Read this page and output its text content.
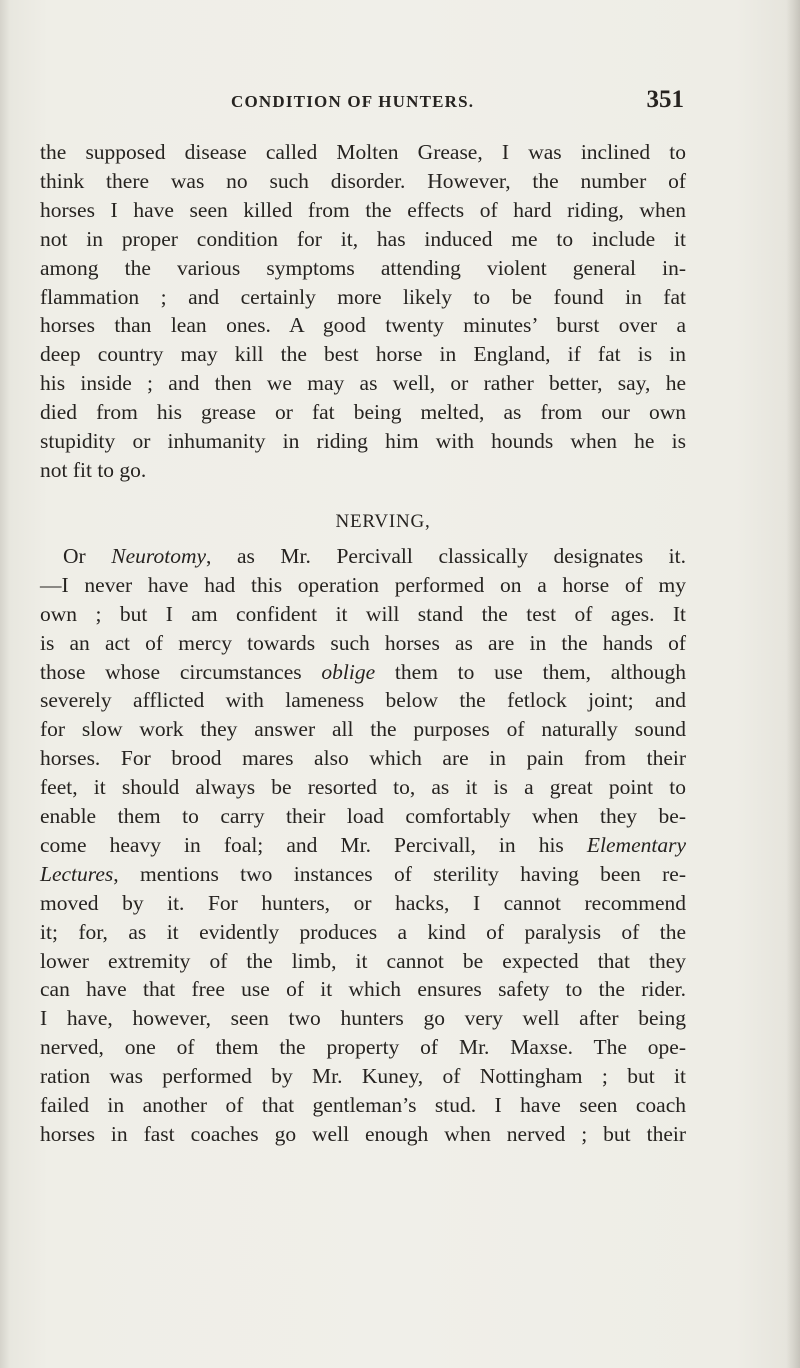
CONDITION OF HUNTERS.	351
the supposed disease called Molten Grease, I was inclined to
think there was no such disorder. However, the number of
horses I have seen killed from the effects of hard riding, when
not in proper condition for it, has induced me to include it
among the various symptoms attending violent general in-
flammation ; and certainly more likely to be found in fat
horses than lean ones. A good twenty minutes’ burst over a
deep country may kill the best horse in England, if fat is in
his inside ; and then we may as well, or rather better, say, he
died from his grease or fat being melted, as from our own
stupidity or inhumanity in riding him with hounds when he is
not fit to go.
NERVING,
Or Neurotomy, as Mr. Percivall classically designates it.
—I never have had this operation performed on a horse of my
own ; but I am confident it will stand the test of ages. It
is an act of mercy towards such horses as are in the hands of
those whose circumstances oblige them to use them, although
severely afflicted with lameness below the fetlock joint; and
for slow work they answer all the purposes of naturally sound
horses. For brood mares also which are in pain from their
feet, it should always be resorted to, as it is a great point to
enable them to carry their load comfortably when they be-
come heavy in foal; and Mr. Percivall, in his Elementary
Lectures, mentions two instances of sterility having been re-
moved by it. For hunters, or hacks, I cannot recommend
it; for, as it evidently produces a kind of paralysis of the
lower extremity of the limb, it cannot be expected that they
can have that free use of it which ensures safety to the rider.
I have, however, seen two hunters go very well after being
nerved, one of them the property of Mr. Maxse. The ope-
ration was performed by Mr. Kuney, of Nottingham ; but it
failed in another of that gentleman’s stud. I have seen coach
horses in fast coaches go well enough when nerved ; but their
